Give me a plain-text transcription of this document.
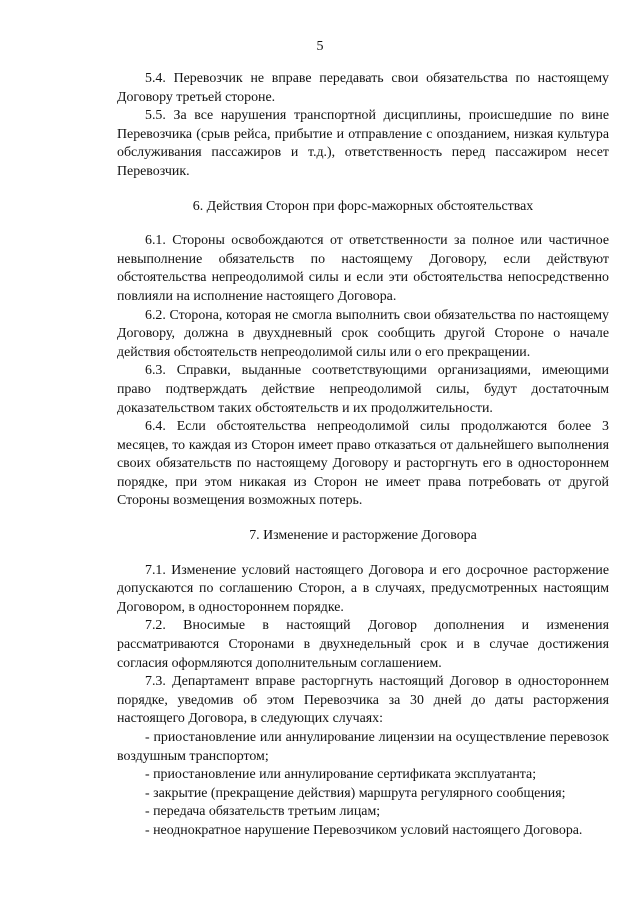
5

5.4. Перевозчик не вправе передавать свои обязательства по настоящему Договору третьей стороне.

5.5. За все нарушения транспортной дисциплины, происшедшие по вине Перевозчика (срыв рейса, прибытие и отправление с опозданием, низкая культура обслуживания пассажиров и т.д.), ответственность перед пассажиром несет Перевозчик.

6. Действия Сторон при форс-мажорных обстоятельствах

6.1. Стороны освобождаются от ответственности за полное или частичное невыполнение обязательств по настоящему Договору, если действуют обстоятельства непреодолимой силы и если эти обстоятельства непосредственно повлияли на исполнение настоящего Договора.

6.2. Сторона, которая не смогла выполнить свои обязательства по настоящему Договору, должна в двухдневный срок сообщить другой Стороне о начале действия обстоятельств непреодолимой силы или о его прекращении.

6.3. Справки, выданные соответствующими организациями, имеющими право подтверждать действие непреодолимой силы, будут достаточным доказательством таких обстоятельств и их продолжительности.

6.4. Если обстоятельства непреодолимой силы продолжаются более 3 месяцев, то каждая из Сторон имеет право отказаться от дальнейшего выполнения своих обязательств по настоящему Договору и расторгнуть его в одностороннем порядке, при этом никакая из Сторон не имеет права потребовать от другой Стороны возмещения возможных потерь.

7. Изменение и расторжение Договора

7.1. Изменение условий настоящего Договора и его досрочное расторжение допускаются по соглашению Сторон, а в случаях, предусмотренных настоящим Договором, в одностороннем порядке.

7.2. Вносимые в настоящий Договор дополнения и изменения рассматриваются Сторонами в двухнедельный срок и в случае достижения согласия оформляются дополнительным соглашением.

7.3. Департамент вправе расторгнуть настоящий Договор в одностороннем порядке, уведомив об этом Перевозчика за 30 дней до даты расторжения настоящего Договора, в следующих случаях:

- приостановление или аннулирование лицензии на осуществление перевозок воздушным транспортом;
- приостановление или аннулирование сертификата эксплуатанта;
- закрытие (прекращение действия) маршрута регулярного сообщения;
- передача обязательств третьим лицам;
- неоднократное нарушение Перевозчиком условий настоящего Договора.
